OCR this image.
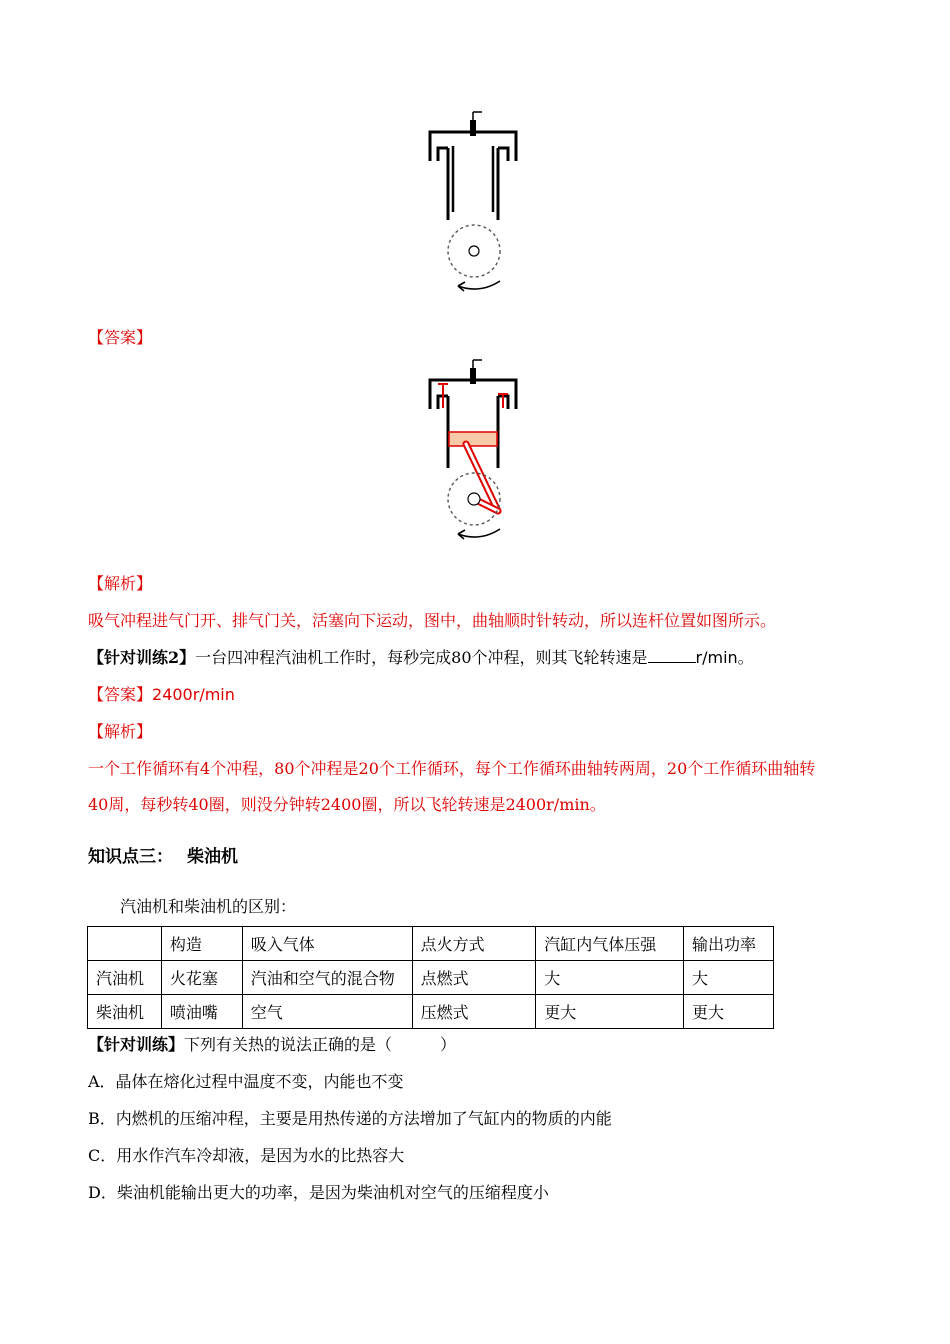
【答案】
【解析】
吸气冲程进气门开、排气门关，活塞向下运动，图中，曲轴顺时针转动，所以连杆位置如图所示。
【针对训练2】一台四冲程汽油机工作时，每秒完成80个冲程，则其飞轮转速是	r/min。
【答案】2400r/min
【解析】
一个工作循环有4个冲程，80个冲程是20个工作循环，每个工作循环曲轴转两周，20个工作循环曲轴转
40周，每秒转40圈，则没分钟转2400圈，所以飞轮转速是2400r/min。
知识点三： 柴油机
汽油机和柴油机的区别：
	构造	吸入气体	点火方式	汽缸内气体压强	输出功率
汽油机	火花塞	汽油和空气的混合物	点燃式	大	大
柴油机	喷油嘴	空气	压燃式	更大	更大
【针对训练】下列有关热的说法正确的是（　　　）
A．晶体在熔化过程中温度不变，内能也不变
B．内燃机的压缩冲程，主要是用热传递的方法增加了气缸内的物质的内能
C．用水作汽车冷却液，是因为水的比热容大
D．柴油机能输出更大的功率，是因为柴油机对空气的压缩程度小
